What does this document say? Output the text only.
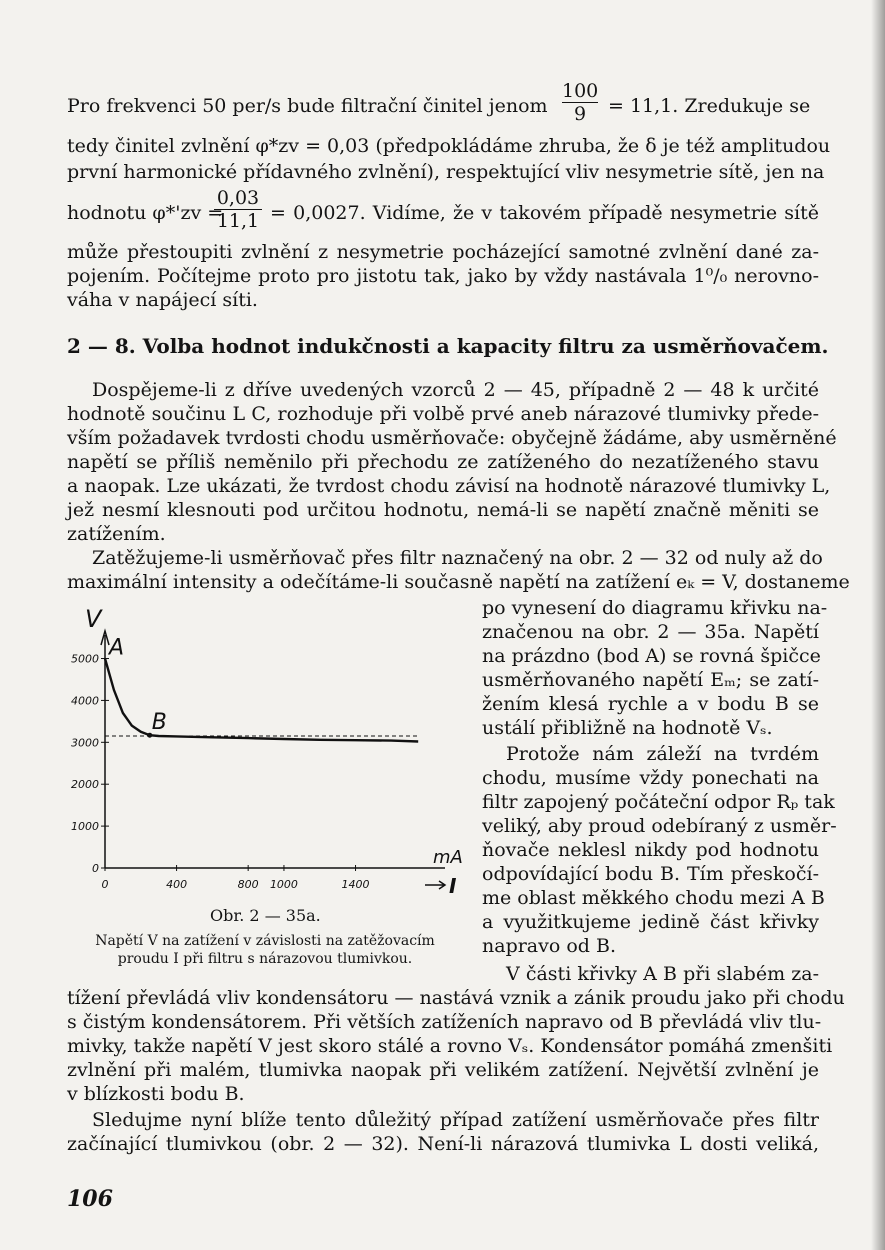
Pro frekvenci 50 per/s bude filtrační činitel jenom $\frac{100}{9} = 11,1$. Zredukuje se
tedy činitel zvlnění φ*zv = 0,03 (předpokládáme zhruba, že δ je též amplitudou
první harmonické přídavného zvlnění), respektující vliv nesymetrie sítě, jen na
hodnotu φ*'zv =
$\frac{0,03}{11,1} = 0,0027$. Vidíme, že v takovém případě nesymetrie sítě
může přestoupiti zvlnění z nesymetrie pocházející samotné zvlnění dané za-
pojením. Počítejme proto pro jistotu tak, jako by vždy nastávala 1⁰/₀ nerovno-
váha v napájecí síti.
2 — 8. Volba hodnot indukčnosti a kapacity filtru za usměrňovačem.
Dospějeme-li z dříve uvedených vzorců 2 — 45, případně 2 — 48 k určité
hodnotě součinu L C, rozhoduje při volbě prvé aneb nárazové tlumivky přede-
vším požadavek tvrdosti chodu usměrňovače: obyčejně žádáme, aby usměrněné
napětí se příliš neměnilo při přechodu ze zatíženého do nezatíženého stavu
a naopak. Lze ukázati, že tvrdost chodu závisí na hodnotě nárazové tlumivky L,
jež nesmí klesnouti pod určitou hodnotu, nemá-li se napětí značně měniti se
zatížením.
Zatěžujeme-li usměrňovač přes filtr naznačený na obr. 2 — 32 od nuly až do
maximální intensity a odečítáme-li současně napětí na zatížení eₖ = V, dostaneme
po vynesení do diagramu křivku na-
značenou na obr. 2 — 35a. Napětí
na prázdno (bod A) se rovná špičce
usměrňovaného napětí Eₘ; se zatí-
žením klesá rychle a v bodu B se
ustálí přibližně na hodnotě Vₛ.
Protože nám záleží na tvrdém
chodu, musíme vždy ponechati na
filtr zapojený počáteční odpor Rₚ tak
veliký, aby proud odebíraný z usměr-
ňovače neklesl nikdy pod hodnotu
odpovídající bodu B. Tím přeskočí-
me oblast měkkého chodu mezi A B
a využitkujeme jedině část křivky
napravo od B.
V části křivky A B při slabém za-
tížení převládá vliv kondensátoru — nastává vznik a zánik proudu jako při chodu
s čistým kondensátorem. Při větších zatíženích napravo od B převládá vliv tlu-
mivky, takže napětí V jest skoro stálé a rovno Vₛ. Kondensátor pomáhá zmenšiti
zvlnění při malém, tlumivka naopak při velikém zatížení. Největší zvlnění je
v blízkosti bodu B.
Sledujme nyní blíže tento důležitý případ zatížení usměrňovače přes filtr
začínající tlumivkou (obr. 2 — 32). Není-li nárazová tlumivka L dosti veliká,
0
1000
2000
3000
4000
5000
0	400	800 1000	1400
V
mA
I
A
B
Obr. 2 — 35a.
Napětí V na zatížení v závislosti na zatěžovacím
proudu I při filtru s nárazovou tlumivkou.
106
